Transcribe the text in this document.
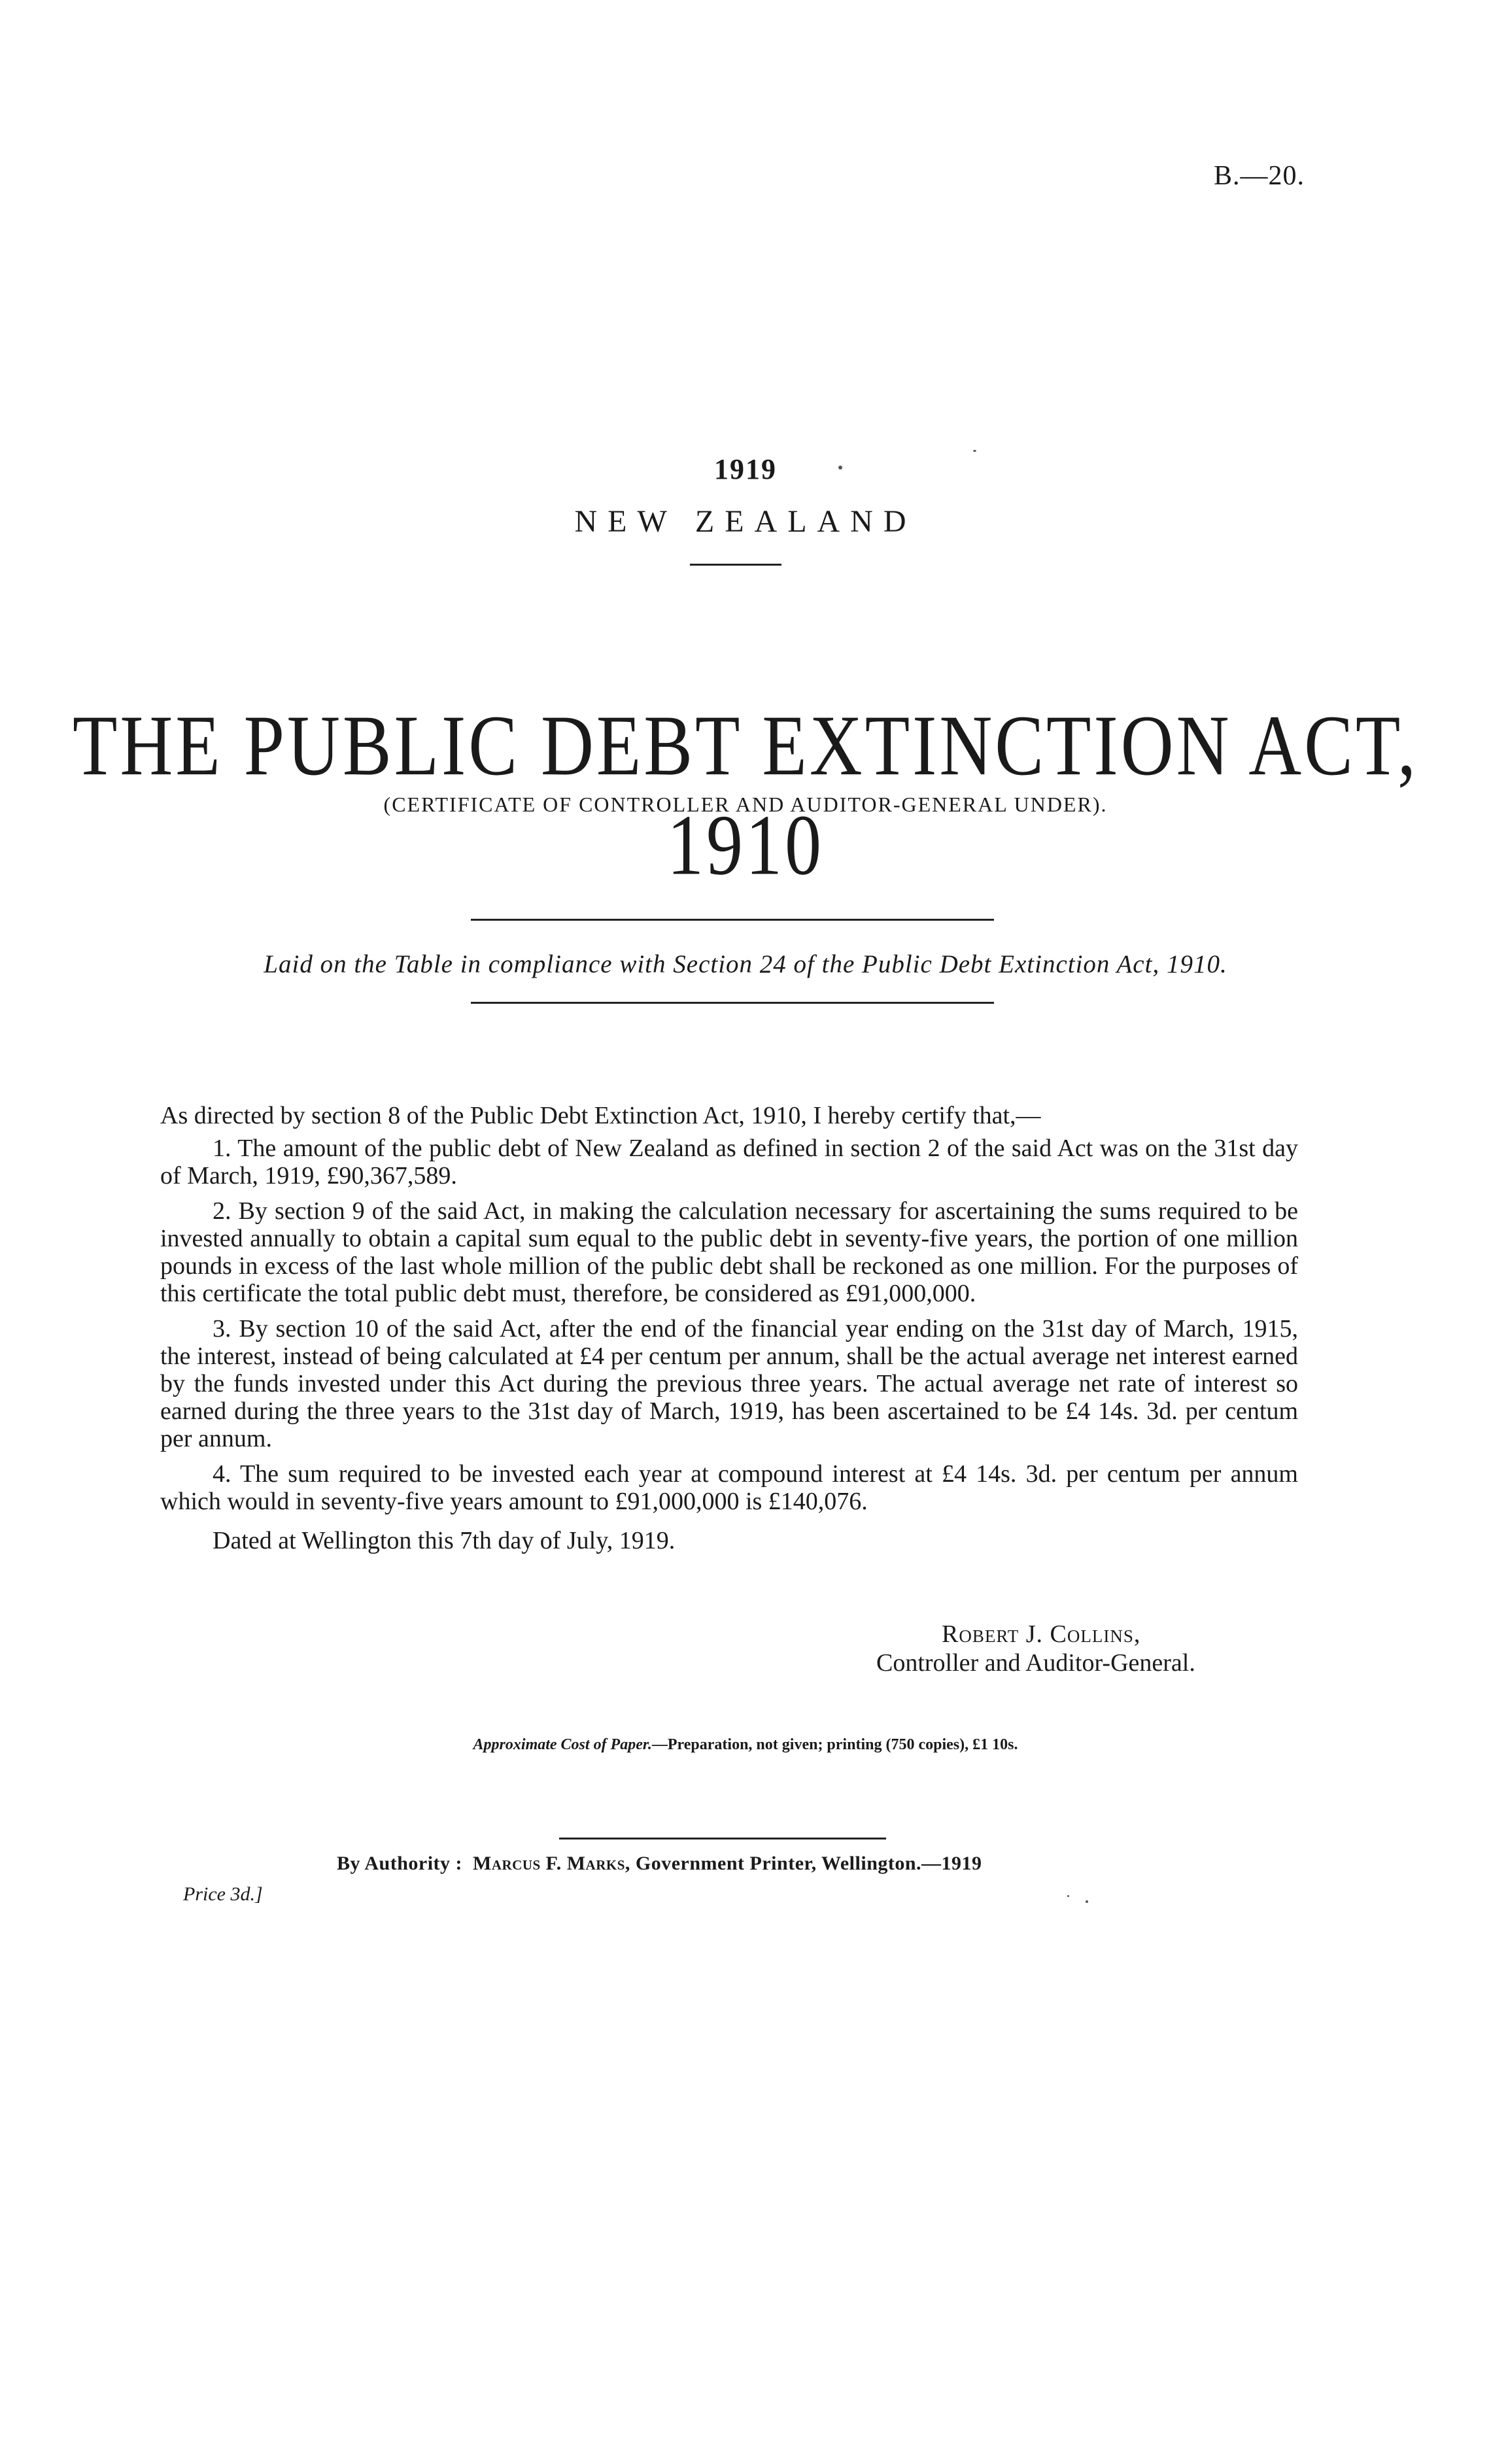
B.—20.
1919
NEW ZEALAND
THE PUBLIC DEBT EXTINCTION ACT, 1910
(CERTIFICATE OF CONTROLLER AND AUDITOR-GENERAL UNDER).
Laid on the Table in compliance with Section 24 of the Public Debt Extinction Act, 1910.

As directed by section 8 of the Public Debt Extinction Act, 1910, I hereby certify that,—

1. The amount of the public debt of New Zealand as defined in section 2 of the said Act was on the 31st day of March, 1919, £90,367,589.

2. By section 9 of the said Act, in making the calculation necessary for ascertaining the sums required to be invested annually to obtain a capital sum equal to the public debt in seventy-five years, the portion of one million pounds in excess of the last whole million of the public debt shall be reckoned as one million. For the purposes of this certificate the total public debt must, therefore, be considered as £91,000,000.

3. By section 10 of the said Act, after the end of the financial year ending on the 31st day of March, 1915, the interest, instead of being calculated at £4 per centum per annum, shall be the actual average net interest earned by the funds invested under this Act during the previous three years. The actual average net rate of interest so earned during the three years to the 31st day of March, 1919, has been ascertained to be £4 14s. 3d. per centum per annum.

4. The sum required to be invested each year at compound interest at £4 14s. 3d. per centum per annum which would in seventy-five years amount to £91,000,000 is £140,076.

Dated at Wellington this 7th day of July, 1919.

Robert J. Collins,
Controller and Auditor-General.
Approximate Cost of Paper.—Preparation, not given; printing (750 copies), £1 10s.
By Authority : Marcus F. Marks, Government Printer, Wellington.—1919
Price 3d.]
